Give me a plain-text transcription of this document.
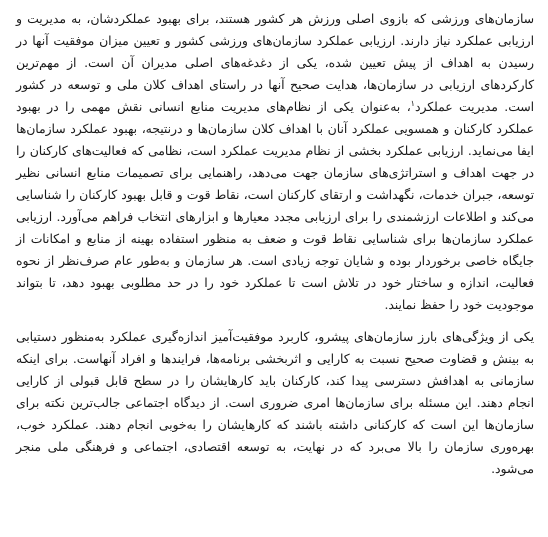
سازمان‌های ورزشی که بازوی اصلی ورزش هر کشور هستند، برای بهبود عملکردشان، به مدیریت و ارزیابی عملکرد نیاز دارند. ارزیابی عملکرد سازمان‌های ورزشی کشور و تعیین میزان موفقیت آنها در رسیدن به اهداف از پیش تعیین شده، یکی از دغدغه‌های اصلی مدیران آن است. از مهم‌ترین کارکردهای ارزیابی در سازمان‌ها، هدایت صحیح آنها در راستای اهداف کلان ملی و توسعه در کشور است. مدیریت عملکرد$^۱$، به‌عنوان یکی از نظام‌های مدیریت منابع انسانی نقش مهمی را در بهبود عملکرد کارکنان و همسویی عملکرد آنان با اهداف کلان سازمان‌ها و درنتیجه، بهبود عملکرد سازمان‌ها ایفا می‌نماید. ارزیابی عملکرد بخشی از نظام مدیریت عملکرد است، نظامی که فعالیت‌های کارکنان را در جهت اهداف و استراتژی‌های سازمان جهت می‌دهد، راهنمایی برای تصمیمات منابع انسانی نظیر توسعه، جبران خدمات، نگهداشت و ارتقای کارکنان است، نقاط قوت و قابل بهبود کارکنان را شناسایی می‌کند و اطلاعات ارزشمندی را برای ارزیابی مجدد معیارها و ابزارهای انتخاب فراهم می‌آورد. ارزیابی عملکرد سازمان‌ها برای شناسایی نقاط قوت و ضعف به منظور استفاده بهینه از منابع و امکانات از جایگاه خاصی برخوردار بوده و شایان توجه زیادی است. هر سازمان و به‌طور عام صرف‌نظر از نحوه فعالیت، اندازه و ساختار خود در تلاش است تا عملکرد خود را در حد مطلوبی بهبود دهد، تا بتواند موجودیت خود را حفظ نمایند.

یکی از ویژگی‌های بارز سازمان‌های پیشرو، کاربرد موفقیت‌آمیز اندازه‌گیری عملکرد به‌منظور دستیابی به بینش و قضاوت صحیح نسبت به کارایی و اثربخشی برنامه‌ها، فرایندها و افراد آنهاست. برای اینکه سازمانی به اهدافش دسترسی پیدا کند، کارکنان باید کارهایشان را در سطح قابل قبولی از کارایی انجام دهند. این مسئله برای سازمان‌ها امری ضروری است. از دیدگاه اجتماعی جالب‌ترین نکته برای سازمان‌ها این است که کارکنانی داشته باشند که کارهایشان را به‌خوبی انجام دهند. عملکرد خوب، بهره‌وری سازمان را بالا می‌برد که در نهایت، به توسعه اقتصادی، اجتماعی و فرهنگی ملی منجر می‌شود.
